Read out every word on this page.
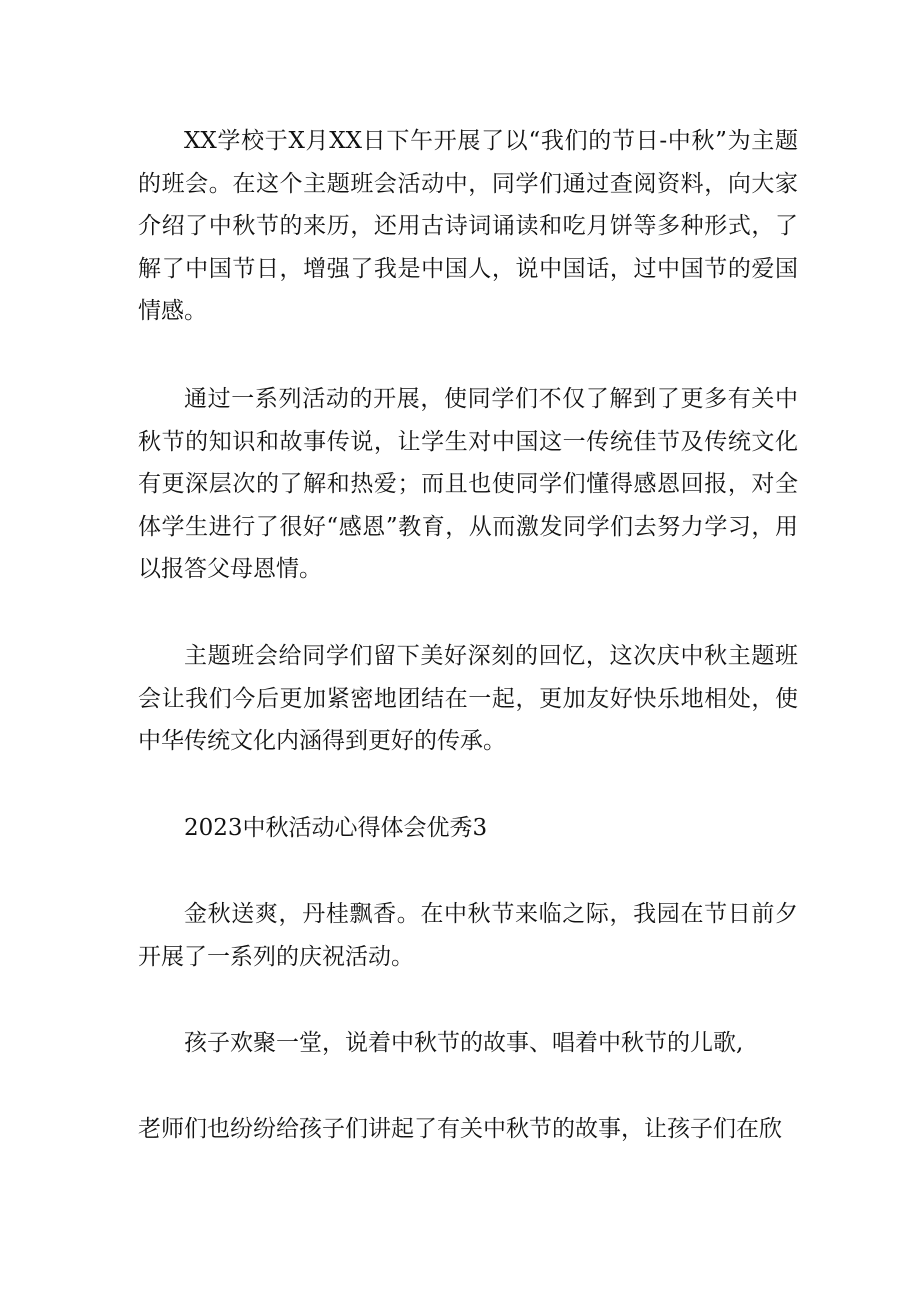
XX学校于X月XX日下午开展了以“我们的节日-中秋”为主题的班会。在这个主题班会活动中，同学们通过查阅资料，向大家介绍了中秋节的来历，还用古诗词诵读和吃月饼等多种形式，了解了中国节日，增强了我是中国人，说中国话，过中国节的爱国情感。

通过一系列活动的开展，使同学们不仅了解到了更多有关中秋节的知识和故事传说，让学生对中国这一传统佳节及传统文化有更深层次的了解和热爱；而且也使同学们懂得感恩回报，对全体学生进行了很好“感恩”教育，从而激发同学们去努力学习，用以报答父母恩情。

主题班会给同学们留下美好深刻的回忆，这次庆中秋主题班会让我们今后更加紧密地团结在一起，更加友好快乐地相处，使中华传统文化内涵得到更好的传承。

2023中秋活动心得体会优秀3

金秋送爽，丹桂飘香。在中秋节来临之际，我园在节日前夕开展了一系列的庆祝活动。

孩子欢聚一堂，说着中秋节的故事、唱着中秋节的儿歌,

老师们也纷纷给孩子们讲起了有关中秋节的故事，让孩子们在欣
